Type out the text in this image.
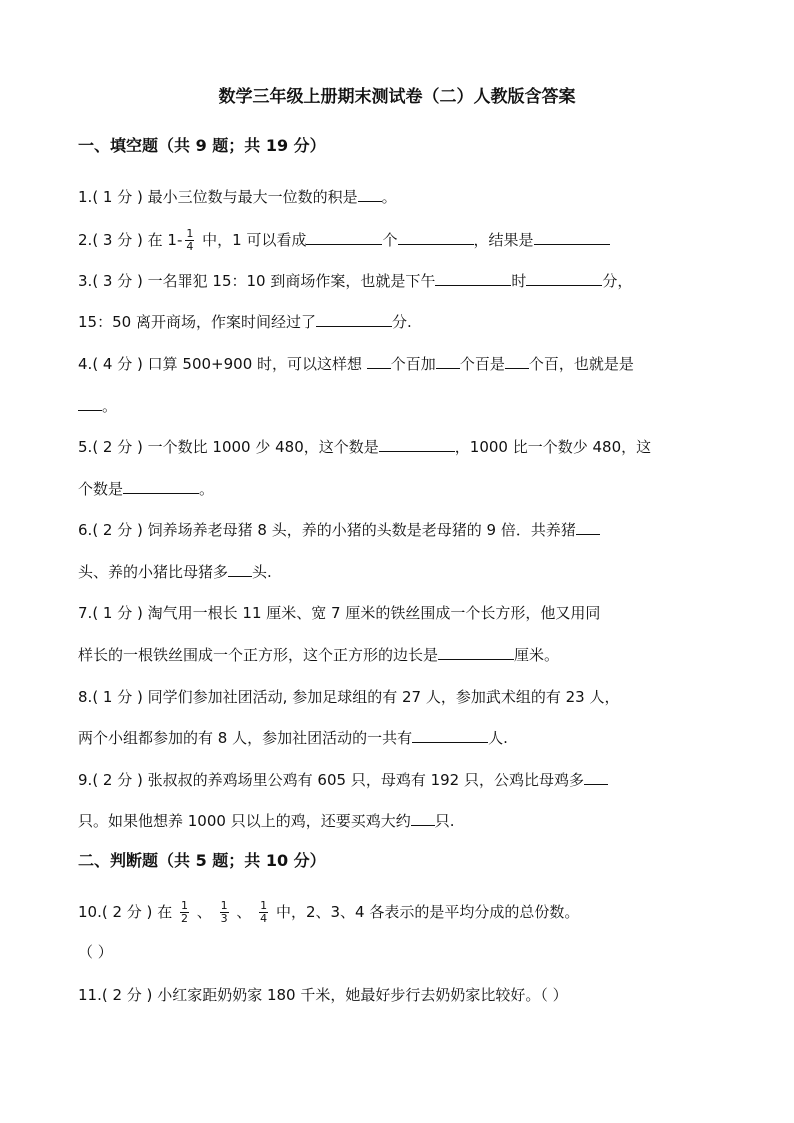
数学三年级上册期末测试卷（二）人教版含答案
一、填空题（共 9 题；共 19 分）
1.( 1 分 ) 最小三位数与最大一位数的积是 。
2.( 3 分 ) 在 $1- \frac{1}{4}$ 中，1 可以看成	个	，结果是
3.( 3 分 ) 一名罪犯 15：10 到商场作案，也就是下午	时	分，
15：50 离开商场，作案时间经过了	分.
4.( 4 分 ) 口算 500+900 时，可以这样想 个百加 个百是 个百，也就是是
。
5.( 2 分 ) 一个数比 1000 少 480，这个数是	，1000 比一个数少 480，这
个数是	。
6.( 2 分 ) 饲养场养老母猪 8 头，养的小猪的头数是老母猪的 9 倍．共养猪
头、养的小猪比母猪多 头.
7.( 1 分 ) 淘气用一根长 11 厘米、宽 7 厘米的铁丝围成一个长方形，他又用同
样长的一根铁丝围成一个正方形，这个正方形的边长是	厘米。
8.( 1 分 ) 同学们参加社团活动, 参加足球组的有 27 人，参加武术组的有 23 人，
两个小组都参加的有 8 人，参加社团活动的一共有	人.
9.( 2 分 ) 张叔叔的养鸡场里公鸡有 605 只，母鸡有 192 只，公鸡比母鸡多
只。如果他想养 1000 只以上的鸡，还要买鸡大约 只.
二、判断题（共 5 题；共 10 分）
10.( 2 分 ) 在 $\frac{1}{2}$ 、 $\frac{1}{3}$ 、 $\frac{1}{4}$ 中，2、3、4 各表示的是平均分成的总份数。
（ ）
11.( 2 分 ) 小红家距奶奶家 180 千米，她最好步行去奶奶家比较好。（ ）
